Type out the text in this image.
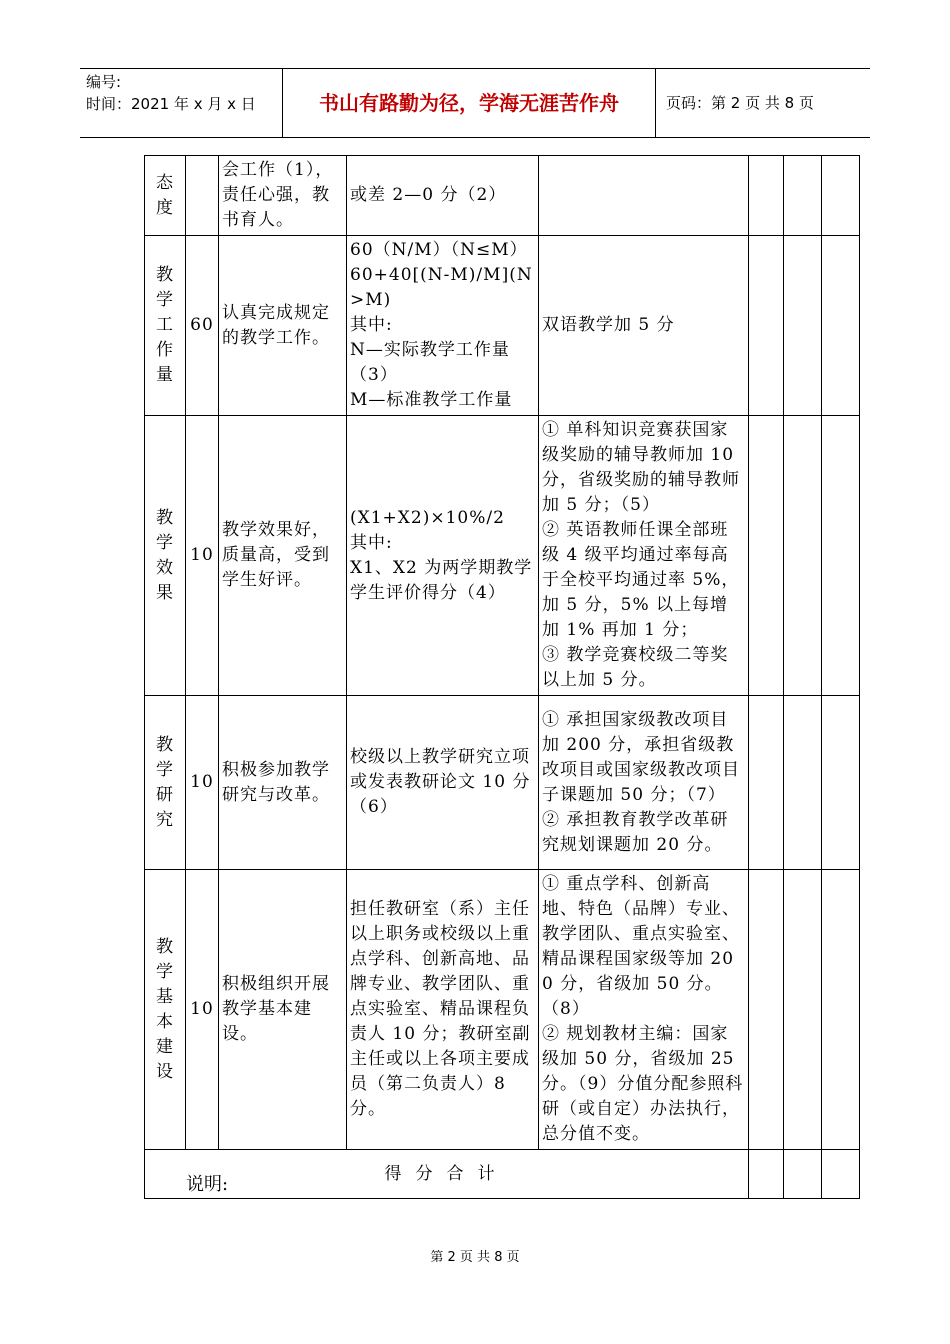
编号:
时间：2021 年 x 月 x 日	书山有路勤为径，学海无涯苦作舟	页码：第 2 页 共 8 页
态度		会工作（1），责任心强，教书育人。	或差 2—0 分（2）				

教学工作量	60	认真完成规定的教学工作。	60（N/M）（N≤M）
60+40[(N-M)/M](N>M)
其中:
N—实际教学工作量（3）
M—标准教学工作量	双语教学加 5 分			

教学效果	10	教学效果好，质量高，受到学生好评。	(X1+X2)×10%/2
其中:
X1、X2 为两学期教学学生评价得分（4）	① 单科知识竞赛获国家级奖励的辅导教师加 10 分，省级奖励的辅导教师加 5 分；（5）
② 英语教师任课全部班级 4 级平均通过率每高于全校平均通过率 5%，加 5 分，5% 以上每增加 1% 再加 1 分；
③ 教学竞赛校级二等奖以上加 5 分。			

教学研究	10	积极参加教学研究与改革。	校级以上教学研究立项或发表教研论文 10 分（6）	① 承担国家级教改项目加 200 分，承担省级教改项目或国家级教改项目子课题加 50 分；（7）
② 承担教育教学改革研究规划课题加 20 分。			

教学基本建设	10	积极组织开展教学基本建设。	担任教研室（系）主任以上职务或校级以上重点学科、创新高地、品牌专业、教学团队、重点实验室、精品课程负责人 10 分；教研室副主任或以上各项主要成员（第二负责人）8 分。	① 重点学科、创新高地、特色（品牌）专业、教学团队、重点实验室、精品课程国家级等加 200 分，省级加 50 分。（8）
② 规划教材主编：国家级加 50 分，省级加 25 分。（9）分值分配参照科研（或自定）办法执行，总分值不变。			
得分合计							
说明:
第 2 页 共 8 页
